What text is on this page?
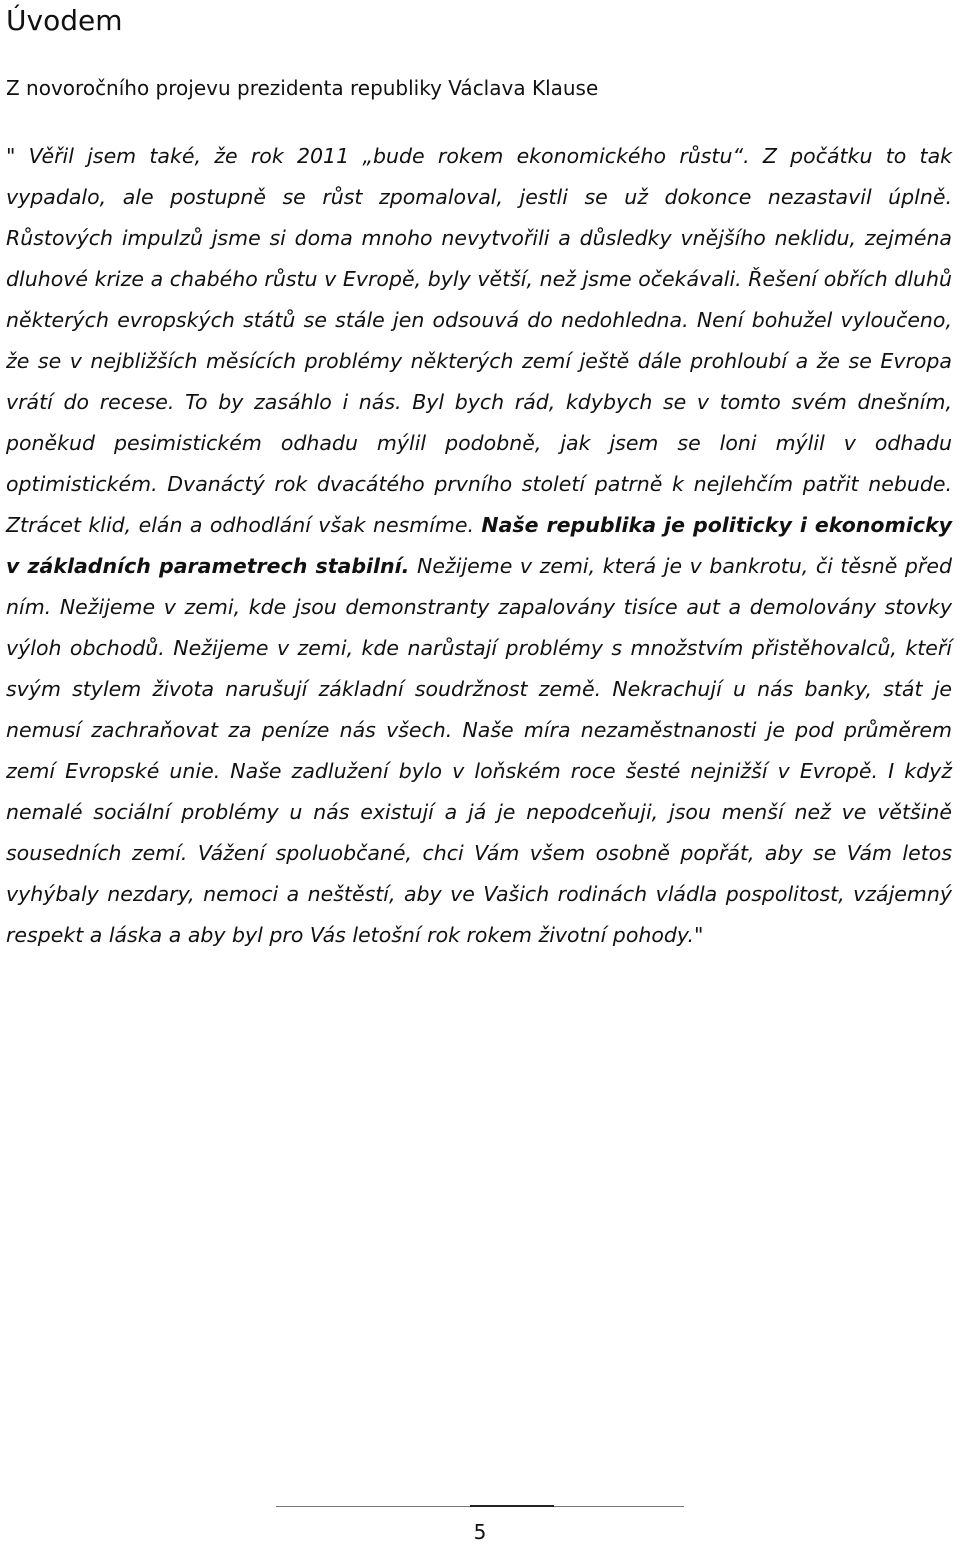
Úvodem

Z novoročního projevu prezidenta republiky Václava Klause

" Věřil jsem také, že rok 2011 „bude rokem ekonomického růstu“. Z počátku to tak vypadalo, ale postupně se růst zpomaloval, jestli se už dokonce nezastavil úplně. Růstových impulzů jsme si doma mnoho nevytvořili a důsledky vnějšího neklidu, zejména dluhové krize a chabého růstu v Evropě, byly větší, než jsme očekávali. Řešení obřích dluhů některých evropských států se stále jen odsouvá do nedohledna. Není bohužel vyloučeno, že se v nejbližších měsících problémy některých zemí ještě dále prohloubí a že se Evropa vrátí do recese. To by zasáhlo i nás. Byl bych rád, kdybych se v tomto svém dnešním, poněkud pesimistickém odhadu mýlil podobně, jak jsem se loni mýlil v odhadu optimistickém. Dvanáctý rok dvacátého prvního století patrně k nejlehčím patřit nebude. Ztrácet klid, elán a odhodlání však nesmíme. Naše republika je politicky i ekonomicky v základních parametrech stabilní. Nežijeme v zemi, která je v bankrotu, či těsně před ním. Nežijeme v zemi, kde jsou demonstranty zapalovány tisíce aut a demolovány stovky výloh obchodů. Nežijeme v zemi, kde narůstají problémy s množstvím přistěhovalců, kteří svým stylem života narušují základní soudržnost země. Nekrachují u nás banky, stát je nemusí zachraňovat za peníze nás všech. Naše míra nezaměstnanosti je pod průměrem zemí Evropské unie. Naše zadlužení bylo v loňském roce šesté nejnižší v Evropě. I když nemalé sociální problémy u nás existují a já je nepodceňuji, jsou menší než ve většině sousedních zemí. Vážení spoluobčané, chci Vám všem osobně popřát, aby se Vám letos vyhýbaly nezdary, nemoci a neštěstí, aby ve Vašich rodinách vládla pospolitost, vzájemný respekt a láska a aby byl pro Vás letošní rok rokem životní pohody."

5
